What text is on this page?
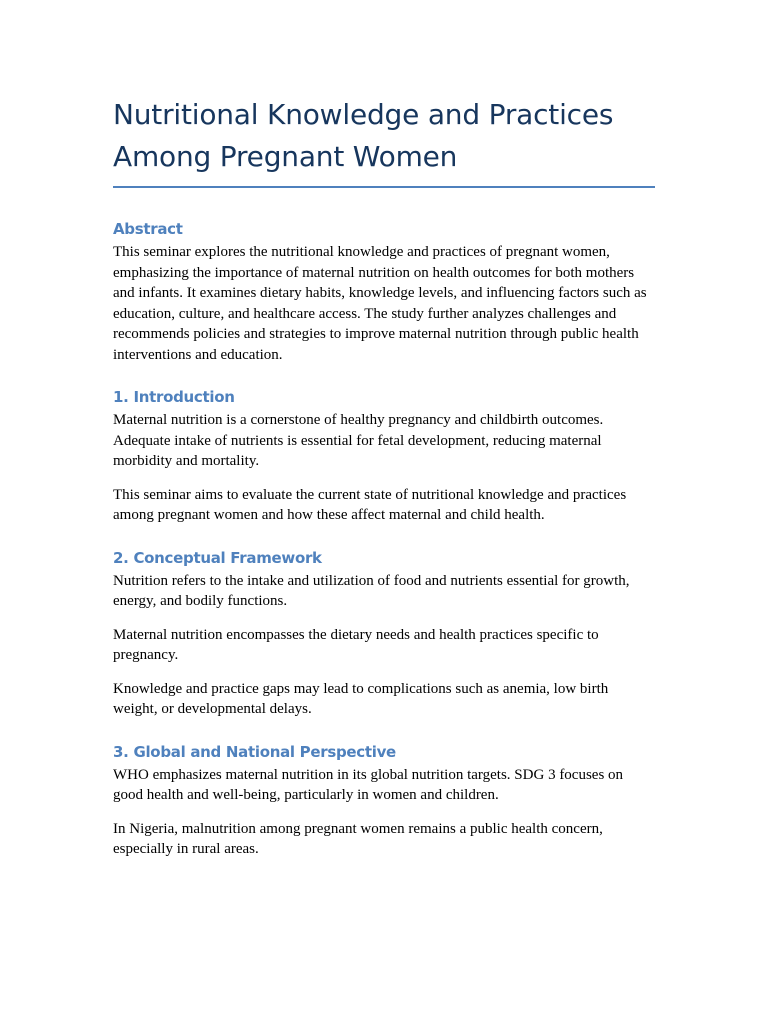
Nutritional Knowledge and Practices Among Pregnant Women
Abstract

This seminar explores the nutritional knowledge and practices of pregnant women, emphasizing the importance of maternal nutrition on health outcomes for both mothers and infants. It examines dietary habits, knowledge levels, and influencing factors such as education, culture, and healthcare access. The study further analyzes challenges and recommends policies and strategies to improve maternal nutrition through public health interventions and education.

1. Introduction

Maternal nutrition is a cornerstone of healthy pregnancy and childbirth outcomes. Adequate intake of nutrients is essential for fetal development, reducing maternal morbidity and mortality.

This seminar aims to evaluate the current state of nutritional knowledge and practices among pregnant women and how these affect maternal and child health.

2. Conceptual Framework

Nutrition refers to the intake and utilization of food and nutrients essential for growth, energy, and bodily functions.

Maternal nutrition encompasses the dietary needs and health practices specific to pregnancy.

Knowledge and practice gaps may lead to complications such as anemia, low birth weight, or developmental delays.

3. Global and National Perspective

WHO emphasizes maternal nutrition in its global nutrition targets. SDG 3 focuses on good health and well-being, particularly in women and children.

In Nigeria, malnutrition among pregnant women remains a public health concern, especially in rural areas.
